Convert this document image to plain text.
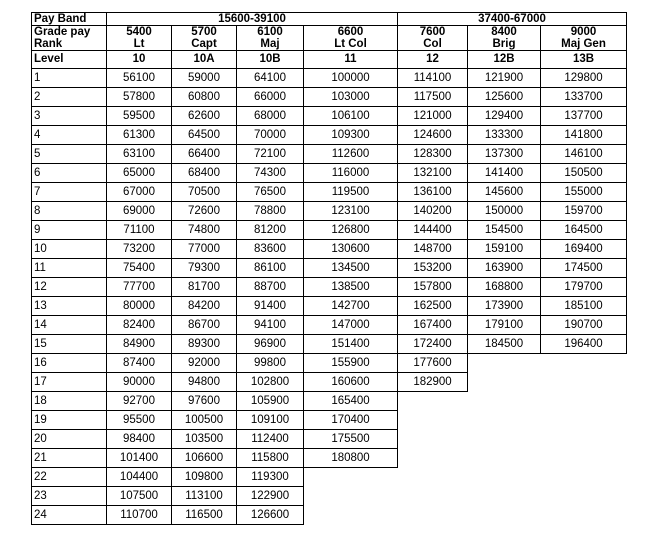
Pay Band	15600-39100				37400-67000		
Grade pay	5400	5700	6100	6600	7600	8400	9000
Rank	Lt	Capt	Maj	Lt Col	Col	Brig	Maj Gen
Level	10	10A	10B	11	12	12B	13B
1	56100	59000	64100	100000	114100	121900	129800
2	57800	60800	66000	103000	117500	125600	133700
3	59500	62600	68000	106100	121000	129400	137700
4	61300	64500	70000	109300	124600	133300	141800
5	63100	66400	72100	112600	128300	137300	146100
6	65000	68400	74300	116000	132100	141400	150500
7	67000	70500	76500	119500	136100	145600	155000
8	69000	72600	78800	123100	140200	150000	159700
9	71100	74800	81200	126800	144400	154500	164500
10	73200	77000	83600	130600	148700	159100	169400
11	75400	79300	86100	134500	153200	163900	174500
12	77700	81700	88700	138500	157800	168800	179700
13	80000	84200	91400	142700	162500	173900	185100
14	82400	86700	94100	147000	167400	179100	190700
15	84900	89300	96900	151400	172400	184500	196400
16	87400	92000	99800	155900	177600		
17	90000	94800	102800	160600	182900		
18	92700	97600	105900	165400			
19	95500	100500	109100	170400			
20	98400	103500	112400	175500			
21	101400	106600	115800	180800			
22	104400	109800	119300				
23	107500	113100	122900				
24	110700	116500	126600				
